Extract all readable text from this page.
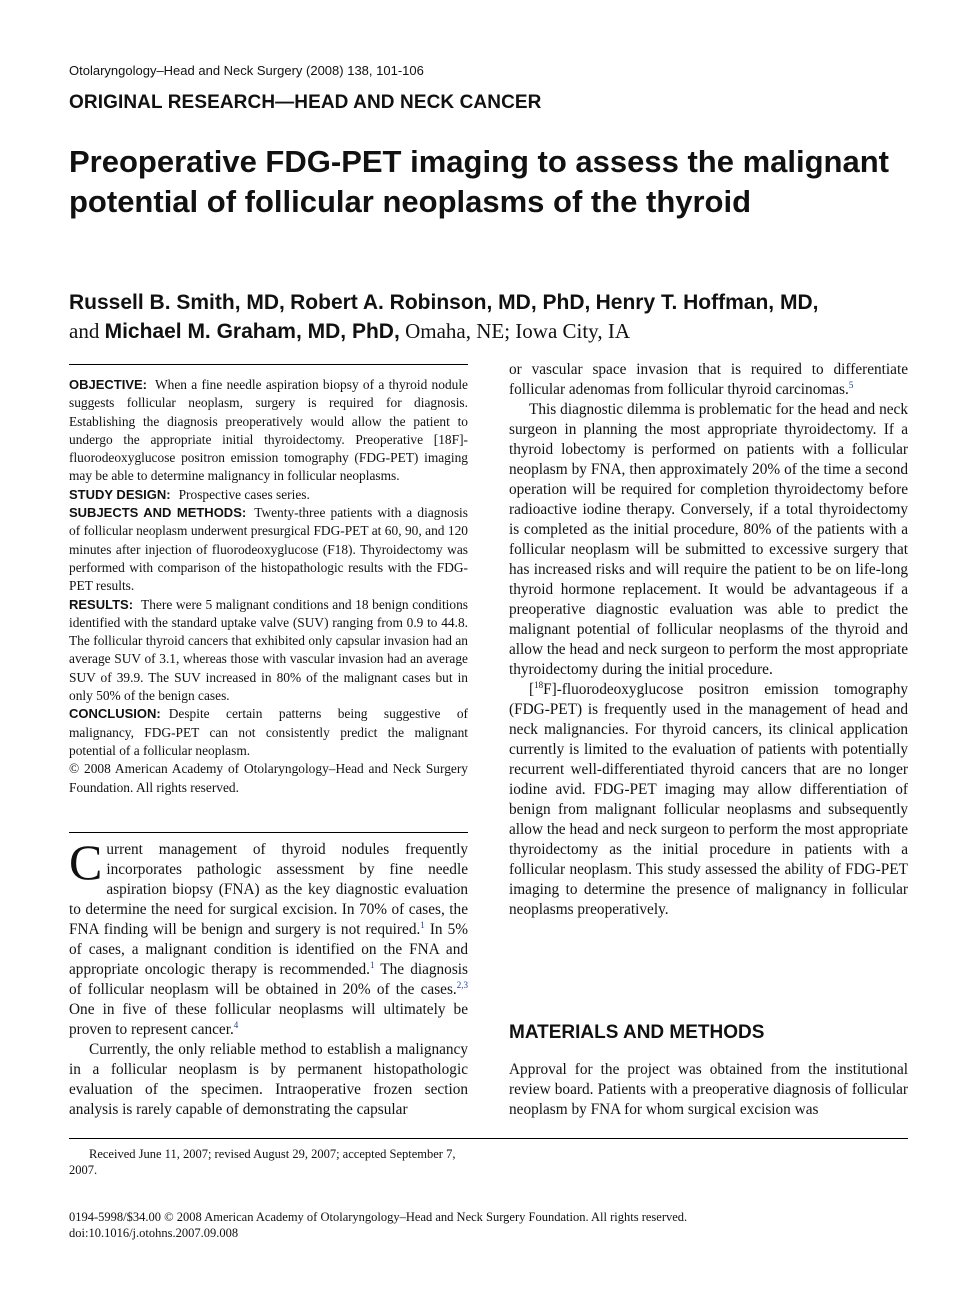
Otolaryngology–Head and Neck Surgery (2008) 138, 101-106
ORIGINAL RESEARCH—HEAD AND NECK CANCER
Preoperative FDG-PET imaging to assess the malignant potential of follicular neoplasms of the thyroid
Russell B. Smith, MD, Robert A. Robinson, MD, PhD, Henry T. Hoffman, MD,
and Michael M. Graham, MD, PhD, Omaha, NE; Iowa City, IA

OBJECTIVE: When a fine needle aspiration biopsy of a thyroid nodule suggests follicular neoplasm, surgery is required for diagnosis. Establishing the diagnosis preoperatively would allow the patient to undergo the appropriate initial thyroidectomy. Preoperative [18F]-fluorodeoxyglucose positron emission tomography (FDG-PET) imaging may be able to determine malignancy in follicular neoplasms.

STUDY DESIGN: Prospective cases series.

SUBJECTS AND METHODS: Twenty-three patients with a diagnosis of follicular neoplasm underwent presurgical FDG-PET at 60, 90, and 120 minutes after injection of fluorodeoxyglucose (F18). Thyroidectomy was performed with comparison of the histopathologic results with the FDG-PET results.

RESULTS: There were 5 malignant conditions and 18 benign conditions identified with the standard uptake valve (SUV) ranging from 0.9 to 44.8. The follicular thyroid cancers that exhibited only capsular invasion had an average SUV of 3.1, whereas those with vascular invasion had an average SUV of 39.9. The SUV increased in 80% of the malignant cases but in only 50% of the benign cases.

CONCLUSION: Despite certain patterns being suggestive of malignancy, FDG-PET can not consistently predict the malignant potential of a follicular neoplasm.

© 2008 American Academy of Otolaryngology–Head and Neck Surgery Foundation. All rights reserved.

Current management of thyroid nodules frequently incorporates pathologic assessment by fine needle aspiration biopsy (FNA) as the key diagnostic evaluation to determine the need for surgical excision. In 70% of cases, the FNA finding will be benign and surgery is not required.$^1$ In 5% of cases, a malignant condition is identified on the FNA and appropriate oncologic therapy is recommended.$^1$ The diagnosis of follicular neoplasm will be obtained in 20% of the cases.$^{2,3}$ One in five of these follicular neoplasms will ultimately be proven to represent cancer.$^4$

Currently, the only reliable method to establish a malignancy in a follicular neoplasm is by permanent histopathologic evaluation of the specimen. Intraoperative frozen section analysis is rarely capable of demonstrating the capsular

or vascular space invasion that is required to differentiate follicular adenomas from follicular thyroid carcinomas.$^5$

This diagnostic dilemma is problematic for the head and neck surgeon in planning the most appropriate thyroidectomy. If a thyroid lobectomy is performed on patients with a follicular neoplasm by FNA, then approximately 20% of the time a second operation will be required for completion thyroidectomy before radioactive iodine therapy. Conversely, if a total thyroidectomy is completed as the initial procedure, 80% of the patients with a follicular neoplasm will be submitted to excessive surgery that has increased risks and will require the patient to be on life-long thyroid hormone replacement. It would be advantageous if a preoperative diagnostic evaluation was able to predict the malignant potential of follicular neoplasms of the thyroid and allow the head and neck surgeon to perform the most appropriate thyroidectomy during the initial procedure.

[$^{18}$F]-fluorodeoxyglucose positron emission tomography (FDG-PET) is frequently used in the management of head and neck malignancies. For thyroid cancers, its clinical application currently is limited to the evaluation of patients with potentially recurrent well-differentiated thyroid cancers that are no longer iodine avid. FDG-PET imaging may allow differentiation of benign from malignant follicular neoplasms and subsequently allow the head and neck surgeon to perform the most appropriate thyroidectomy as the initial procedure in patients with a follicular neoplasm. This study assessed the ability of FDG-PET imaging to determine the presence of malignancy in follicular neoplasms preoperatively.

MATERIALS AND METHODS
Approval for the project was obtained from the institutional review board. Patients with a preoperative diagnosis of follicular neoplasm by FNA for whom surgical excision was
Received June 11, 2007; revised August 29, 2007; accepted September 7, 2007.
0194-5998/$34.00 © 2008 American Academy of Otolaryngology–Head and Neck Surgery Foundation. All rights reserved.
doi:10.1016/j.otohns.2007.09.008
